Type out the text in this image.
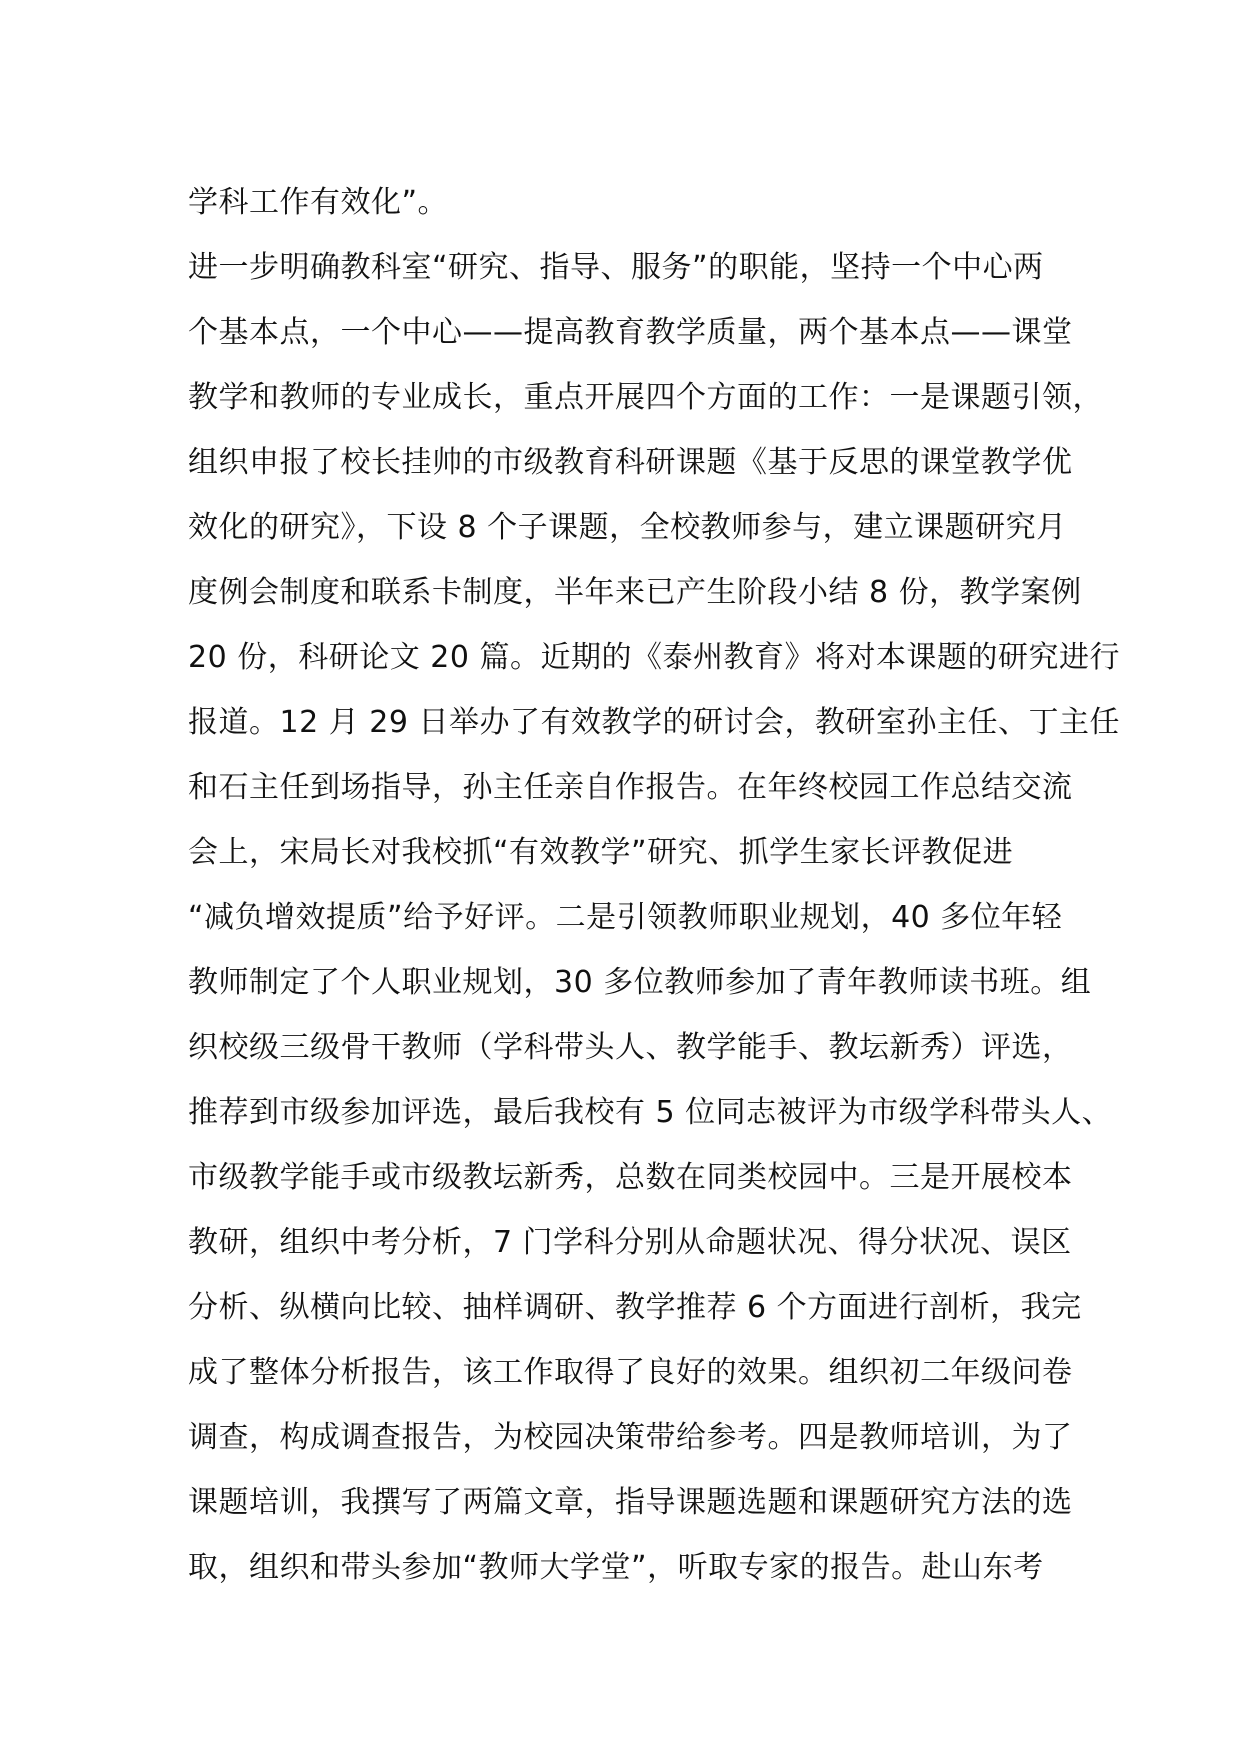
学科工作有效化”。
进一步明确教科室“研究、指导、服务”的职能，坚持一个中心两
个基本点，一个中心——提高教育教学质量，两个基本点——课堂
教学和教师的专业成长，重点开展四个方面的工作：一是课题引领，
组织申报了校长挂帅的市级教育科研课题《基于反思的课堂教学优
效化的研究》，下设 8 个子课题，全校教师参与，建立课题研究月
度例会制度和联系卡制度，半年来已产生阶段小结 8 份，教学案例
20 份，科研论文 20 篇。近期的《泰州教育》将对本课题的研究进行
报道。12 月 29 日举办了有效教学的研讨会，教研室孙主任、丁主任
和石主任到场指导，孙主任亲自作报告。在年终校园工作总结交流
会上，宋局长对我校抓“有效教学”研究、抓学生家长评教促进
“减负增效提质”给予好评。二是引领教师职业规划，40 多位年轻
教师制定了个人职业规划，30 多位教师参加了青年教师读书班。组
织校级三级骨干教师（学科带头人、教学能手、教坛新秀）评选，
推荐到市级参加评选，最后我校有 5 位同志被评为市级学科带头人、
市级教学能手或市级教坛新秀，总数在同类校园中。三是开展校本
教研，组织中考分析，7 门学科分别从命题状况、得分状况、误区
分析、纵横向比较、抽样调研、教学推荐 6 个方面进行剖析，我完
成了整体分析报告，该工作取得了良好的效果。组织初二年级问卷
调查，构成调查报告，为校园决策带给参考。四是教师培训，为了
课题培训，我撰写了两篇文章，指导课题选题和课题研究方法的选
取，组织和带头参加“教师大学堂”，听取专家的报告。赴山东考
